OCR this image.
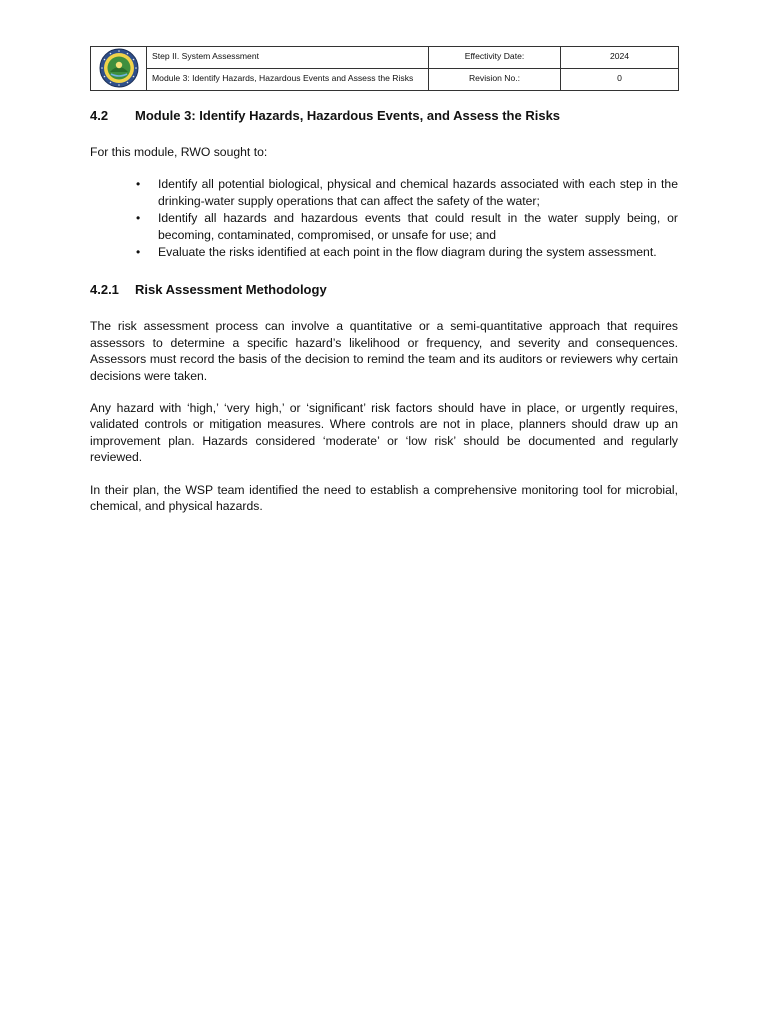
Step II. System Assessment	Effectivity Date:	2024

	Module 3: Identify Hazards, Hazardous Events and Assess the Risks	Revision No.:	0
4.2 Module 3: Identify Hazards, Hazardous Events, and Assess the Risks

For this module, RWO sought to:

• Identify all potential biological, physical and chemical hazards associated with each step in the drinking-water supply operations that can affect the safety of the water;
• Identify all hazards and hazardous events that could result in the water supply being, or becoming, contaminated, compromised, or unsafe for use; and
• Evaluate the risks identified at each point in the flow diagram during the system assessment.
4.2.1 Risk Assessment Methodology

The risk assessment process can involve a quantitative or a semi-quantitative approach that requires assessors to determine a specific hazard’s likelihood or frequency, and severity and consequences. Assessors must record the basis of the decision to remind the team and its auditors or reviewers why certain decisions were taken.

Any hazard with ‘high,’ ‘very high,’ or ‘significant’ risk factors should have in place, or urgently requires, validated controls or mitigation measures. Where controls are not in place, planners should draw up an improvement plan. Hazards considered ‘moderate’ or ‘low risk’ should be documented and regularly reviewed.

In their plan, the WSP team identified the need to establish a comprehensive monitoring tool for microbial, chemical, and physical hazards.
